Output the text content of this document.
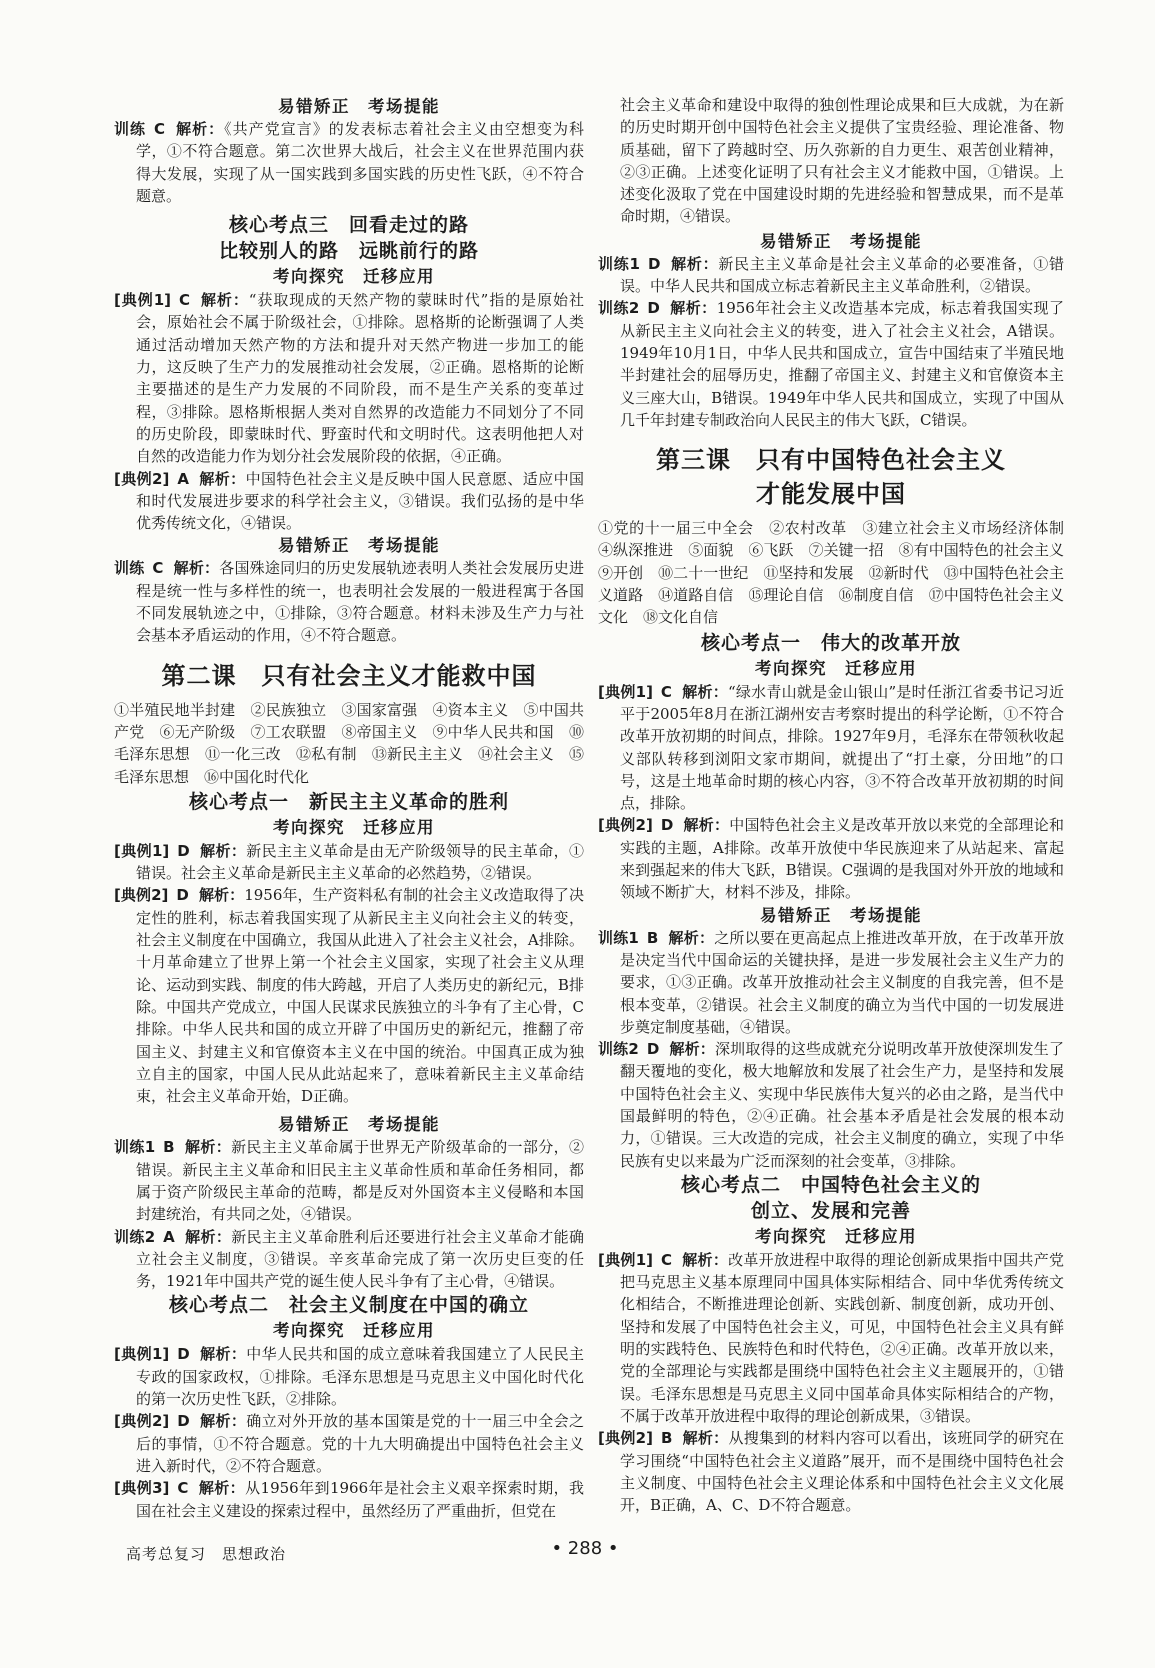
易错矫正　考场提能

训练 C 解析：《共产党宣言》的发表标志着社会主义由空想变为科学，①不符合题意。第二次世界大战后，社会主义在世界范围内获得大发展，实现了从一国实践到多国实践的历史性飞跃，④不符合题意。

核心考点三　回看走过的路
比较别人的路　远眺前行的路
考向探究　迁移应用

[典例1] C 解析：“获取现成的天然产物的蒙昧时代”指的是原始社会，原始社会不属于阶级社会，①排除。恩格斯的论断强调了人类通过活动增加天然产物的方法和提升对天然产物进一步加工的能力，这反映了生产力的发展推动社会发展，②正确。恩格斯的论断主要描述的是生产力发展的不同阶段，而不是生产关系的变革过程，③排除。恩格斯根据人类对自然界的改造能力不同划分了不同的历史阶段，即蒙昧时代、野蛮时代和文明时代。这表明他把人对自然的改造能力作为划分社会发展阶段的依据，④正确。

[典例2] A 解析：中国特色社会主义是反映中国人民意愿、适应中国和时代发展进步要求的科学社会主义，③错误。我们弘扬的是中华优秀传统文化，④错误。

易错矫正　考场提能

训练 C 解析：各国殊途同归的历史发展轨迹表明人类社会发展历史进程是统一性与多样性的统一，也表明社会发展的一般进程寓于各国不同发展轨迹之中，①排除，③符合题意。材料未涉及生产力与社会基本矛盾运动的作用，④不符合题意。

第二课　只有社会主义才能救中国

①半殖民地半封建　②民族独立　③国家富强　④资本主义　⑤中国共产党　⑥无产阶级　⑦工农联盟　⑧帝国主义　⑨中华人民共和国　⑩毛泽东思想　⑪一化三改　⑫私有制　⑬新民主主义　⑭社会主义　⑮毛泽东思想　⑯中国化时代化

核心考点一　新民主主义革命的胜利
考向探究　迁移应用

[典例1] D 解析：新民主主义革命是由无产阶级领导的民主革命，①错误。社会主义革命是新民主主义革命的必然趋势，②错误。

[典例2] D 解析：1956年，生产资料私有制的社会主义改造取得了决定性的胜利，标志着我国实现了从新民主主义向社会主义的转变，社会主义制度在中国确立，我国从此进入了社会主义社会，A排除。十月革命建立了世界上第一个社会主义国家，实现了社会主义从理论、运动到实践、制度的伟大跨越，开启了人类历史的新纪元，B排除。中国共产党成立，中国人民谋求民族独立的斗争有了主心骨，C排除。中华人民共和国的成立开辟了中国历史的新纪元，推翻了帝国主义、封建主义和官僚资本主义在中国的统治。中国真正成为独立自主的国家，中国人民从此站起来了，意味着新民主主义革命结束，社会主义革命开始，D正确。

易错矫正　考场提能

训练1 B 解析：新民主主义革命属于世界无产阶级革命的一部分，②错误。新民主主义革命和旧民主主义革命性质和革命任务相同，都属于资产阶级民主革命的范畴，都是反对外国资本主义侵略和本国封建统治，有共同之处，④错误。

训练2 A 解析：新民主主义革命胜利后还要进行社会主义革命才能确立社会主义制度，③错误。辛亥革命完成了第一次历史巨变的任务，1921年中国共产党的诞生使人民斗争有了主心骨，④错误。

核心考点二　社会主义制度在中国的确立
考向探究　迁移应用

[典例1] D 解析：中华人民共和国的成立意味着我国建立了人民民主专政的国家政权，①排除。毛泽东思想是马克思主义中国化时代化的第一次历史性飞跃，②排除。

[典例2] D 解析：确立对外开放的基本国策是党的十一届三中全会之后的事情，①不符合题意。党的十九大明确提出中国特色社会主义进入新时代，②不符合题意。

[典例3] C 解析：从1956年到1966年是社会主义艰辛探索时期，我国在社会主义建设的探索过程中，虽然经历了严重曲折，但党在

社会主义革命和建设中取得的独创性理论成果和巨大成就，为在新的历史时期开创中国特色社会主义提供了宝贵经验、理论准备、物质基础，留下了跨越时空、历久弥新的自力更生、艰苦创业精神，②③正确。上述变化证明了只有社会主义才能救中国，①错误。上述变化汲取了党在中国建设时期的先进经验和智慧成果，而不是革命时期，④错误。

易错矫正　考场提能

训练1 D 解析：新民主主义革命是社会主义革命的必要准备，①错误。中华人民共和国成立标志着新民主主义革命胜利，②错误。

训练2 D 解析：1956年社会主义改造基本完成，标志着我国实现了从新民主主义向社会主义的转变，进入了社会主义社会，A错误。1949年10月1日，中华人民共和国成立，宣告中国结束了半殖民地半封建社会的屈辱历史，推翻了帝国主义、封建主义和官僚资本主义三座大山，B错误。1949年中华人民共和国成立，实现了中国从几千年封建专制政治向人民民主的伟大飞跃，C错误。

第三课　只有中国特色社会主义
才能发展中国

①党的十一届三中全会　②农村改革　③建立社会主义市场经济体制　④纵深推进　⑤面貌　⑥飞跃　⑦关键一招　⑧有中国特色的社会主义　⑨开创　⑩二十一世纪　⑪坚持和发展　⑫新时代　⑬中国特色社会主义道路　⑭道路自信　⑮理论自信　⑯制度自信　⑰中国特色社会主义文化　⑱文化自信

核心考点一　伟大的改革开放
考向探究　迁移应用

[典例1] C 解析：“绿水青山就是金山银山”是时任浙江省委书记习近平于2005年8月在浙江湖州安吉考察时提出的科学论断，①不符合改革开放初期的时间点，排除。1927年9月，毛泽东在带领秋收起义部队转移到浏阳文家市期间，就提出了“打土豪，分田地”的口号，这是土地革命时期的核心内容，③不符合改革开放初期的时间点，排除。

[典例2] D 解析：中国特色社会主义是改革开放以来党的全部理论和实践的主题，A排除。改革开放使中华民族迎来了从站起来、富起来到强起来的伟大飞跃，B错误。C强调的是我国对外开放的地域和领域不断扩大，材料不涉及，排除。

易错矫正　考场提能

训练1 B 解析：之所以要在更高起点上推进改革开放，在于改革开放是决定当代中国命运的关键抉择，是进一步发展社会主义生产力的要求，①③正确。改革开放推动社会主义制度的自我完善，但不是根本变革，②错误。社会主义制度的确立为当代中国的一切发展进步奠定制度基础，④错误。

训练2 D 解析：深圳取得的这些成就充分说明改革开放使深圳发生了翻天覆地的变化，极大地解放和发展了社会生产力，是坚持和发展中国特色社会主义、实现中华民族伟大复兴的必由之路，是当代中国最鲜明的特色，②④正确。社会基本矛盾是社会发展的根本动力，①错误。三大改造的完成，社会主义制度的确立，实现了中华民族有史以来最为广泛而深刻的社会变革，③排除。

核心考点二　中国特色社会主义的
创立、发展和完善
考向探究　迁移应用

[典例1] C 解析：改革开放进程中取得的理论创新成果指中国共产党把马克思主义基本原理同中国具体实际相结合、同中华优秀传统文化相结合，不断推进理论创新、实践创新、制度创新，成功开创、坚持和发展了中国特色社会主义，可见，中国特色社会主义具有鲜明的实践特色、民族特色和时代特色，②④正确。改革开放以来，党的全部理论与实践都是围绕中国特色社会主义主题展开的，①错误。毛泽东思想是马克思主义同中国革命具体实际相结合的产物，不属于改革开放进程中取得的理论创新成果，③错误。

[典例2] B 解析：从搜集到的材料内容可以看出，该班同学的研究在学习围绕“中国特色社会主义道路”展开，而不是围绕中国特色社会主义制度、中国特色社会主义理论体系和中国特色社会主义文化展开，B正确，A、C、D不符合题意。

高考总复习　思想政治	• 288 •
